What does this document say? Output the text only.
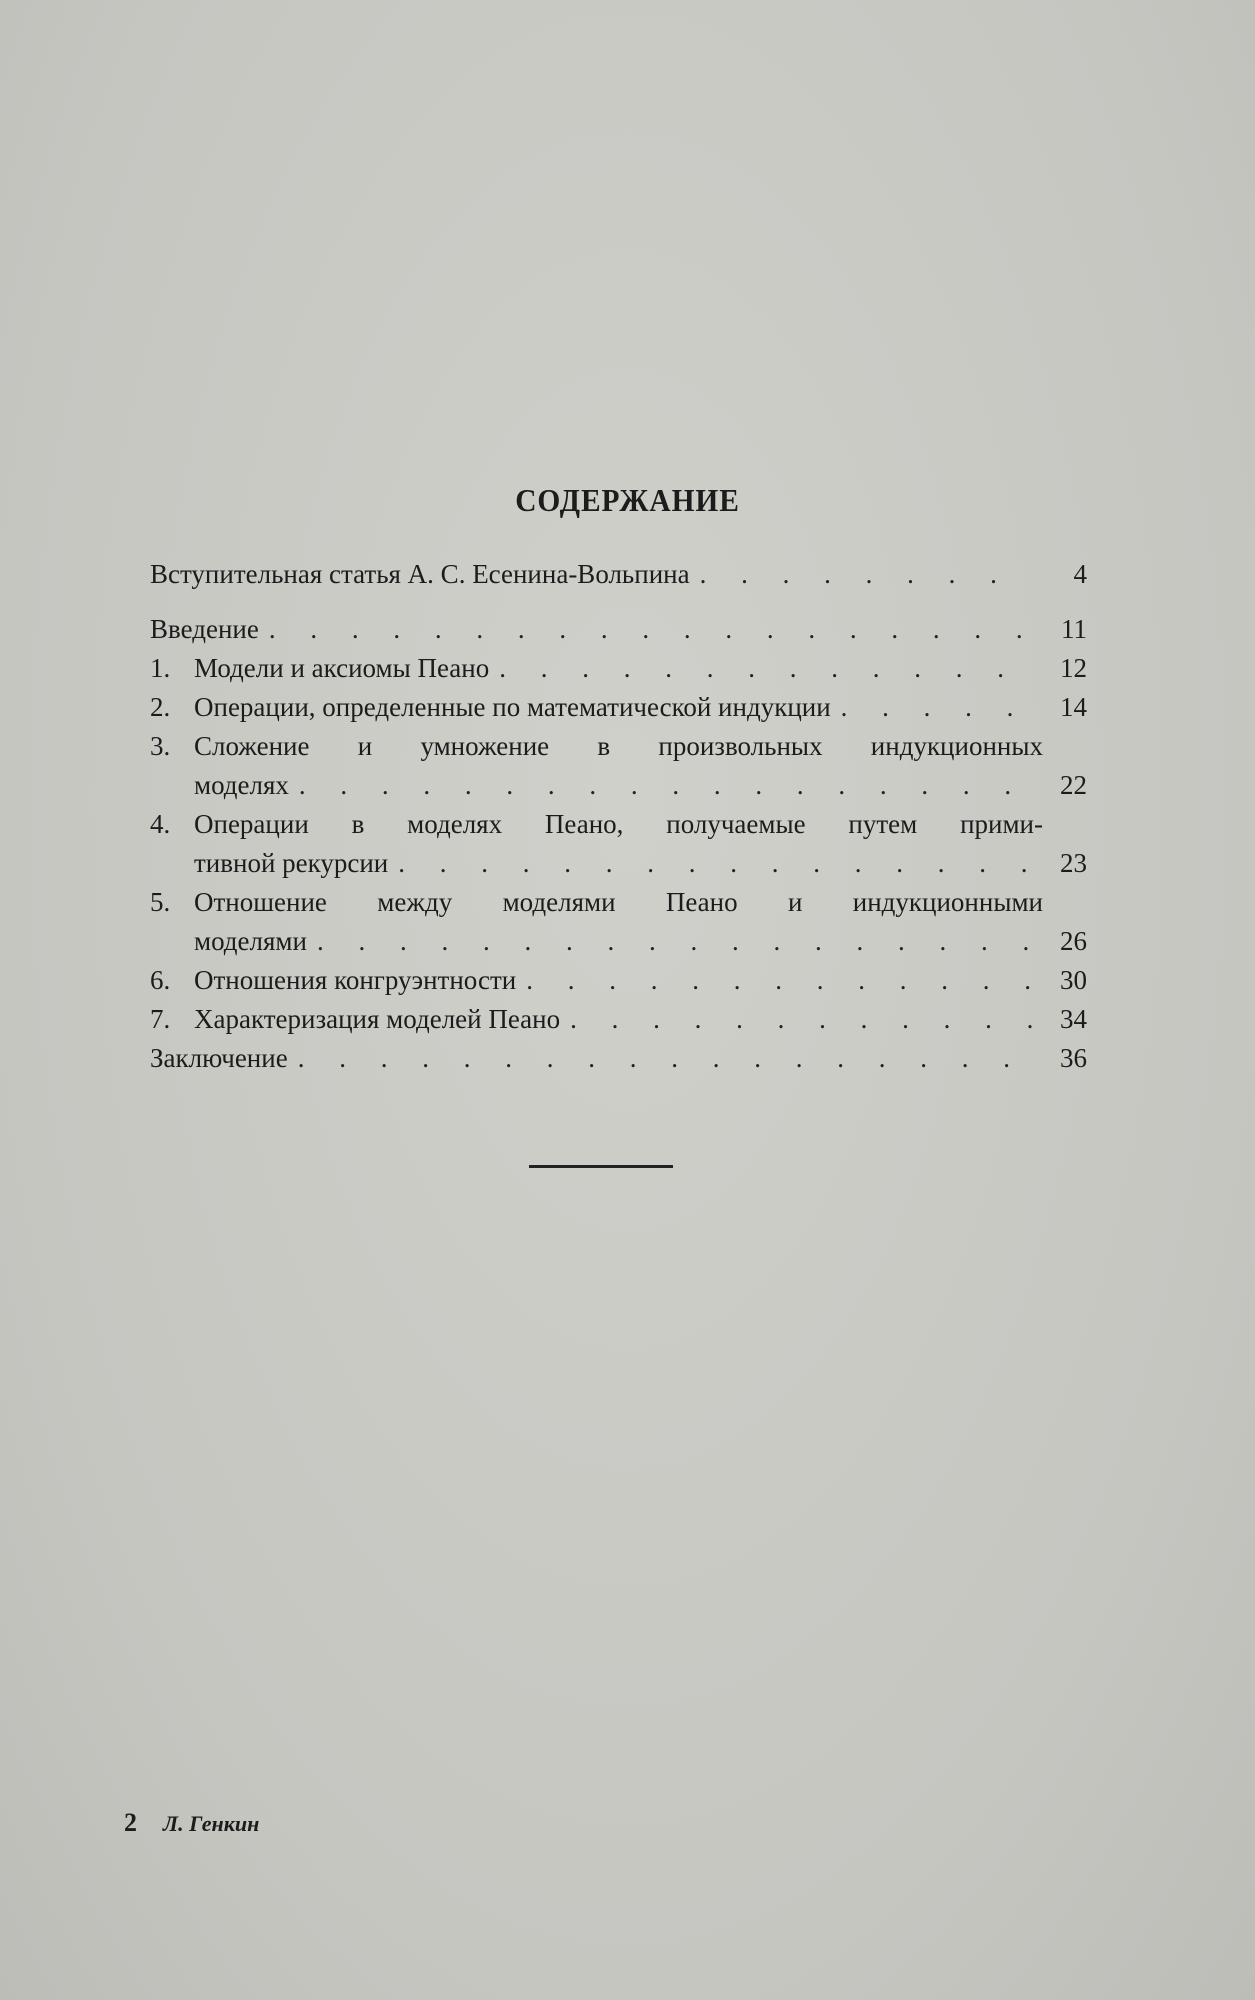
СОДЕРЖАНИЕ
Вступительная статья А. С. Есенина-Вольпина . . .	4
Введение . . .	11
1. Модели и аксиомы Пеано . . .	12
2. Операции, определенные по математической индукции . . .	14
3. Сложение и умножение в произвольных индукционных
моделях . . .	22
4. Операции в моделях Пеано, получаемые путем прими-
тивной рекурсии . . .	23
5. Отношение между моделями Пеано и индукционными
моделями . . .	26
6. Отношения конгруэнтности . . .	30
7. Характеризация моделей Пеано . . .	34
Заключение . . .	36
2 Л. Генкин
